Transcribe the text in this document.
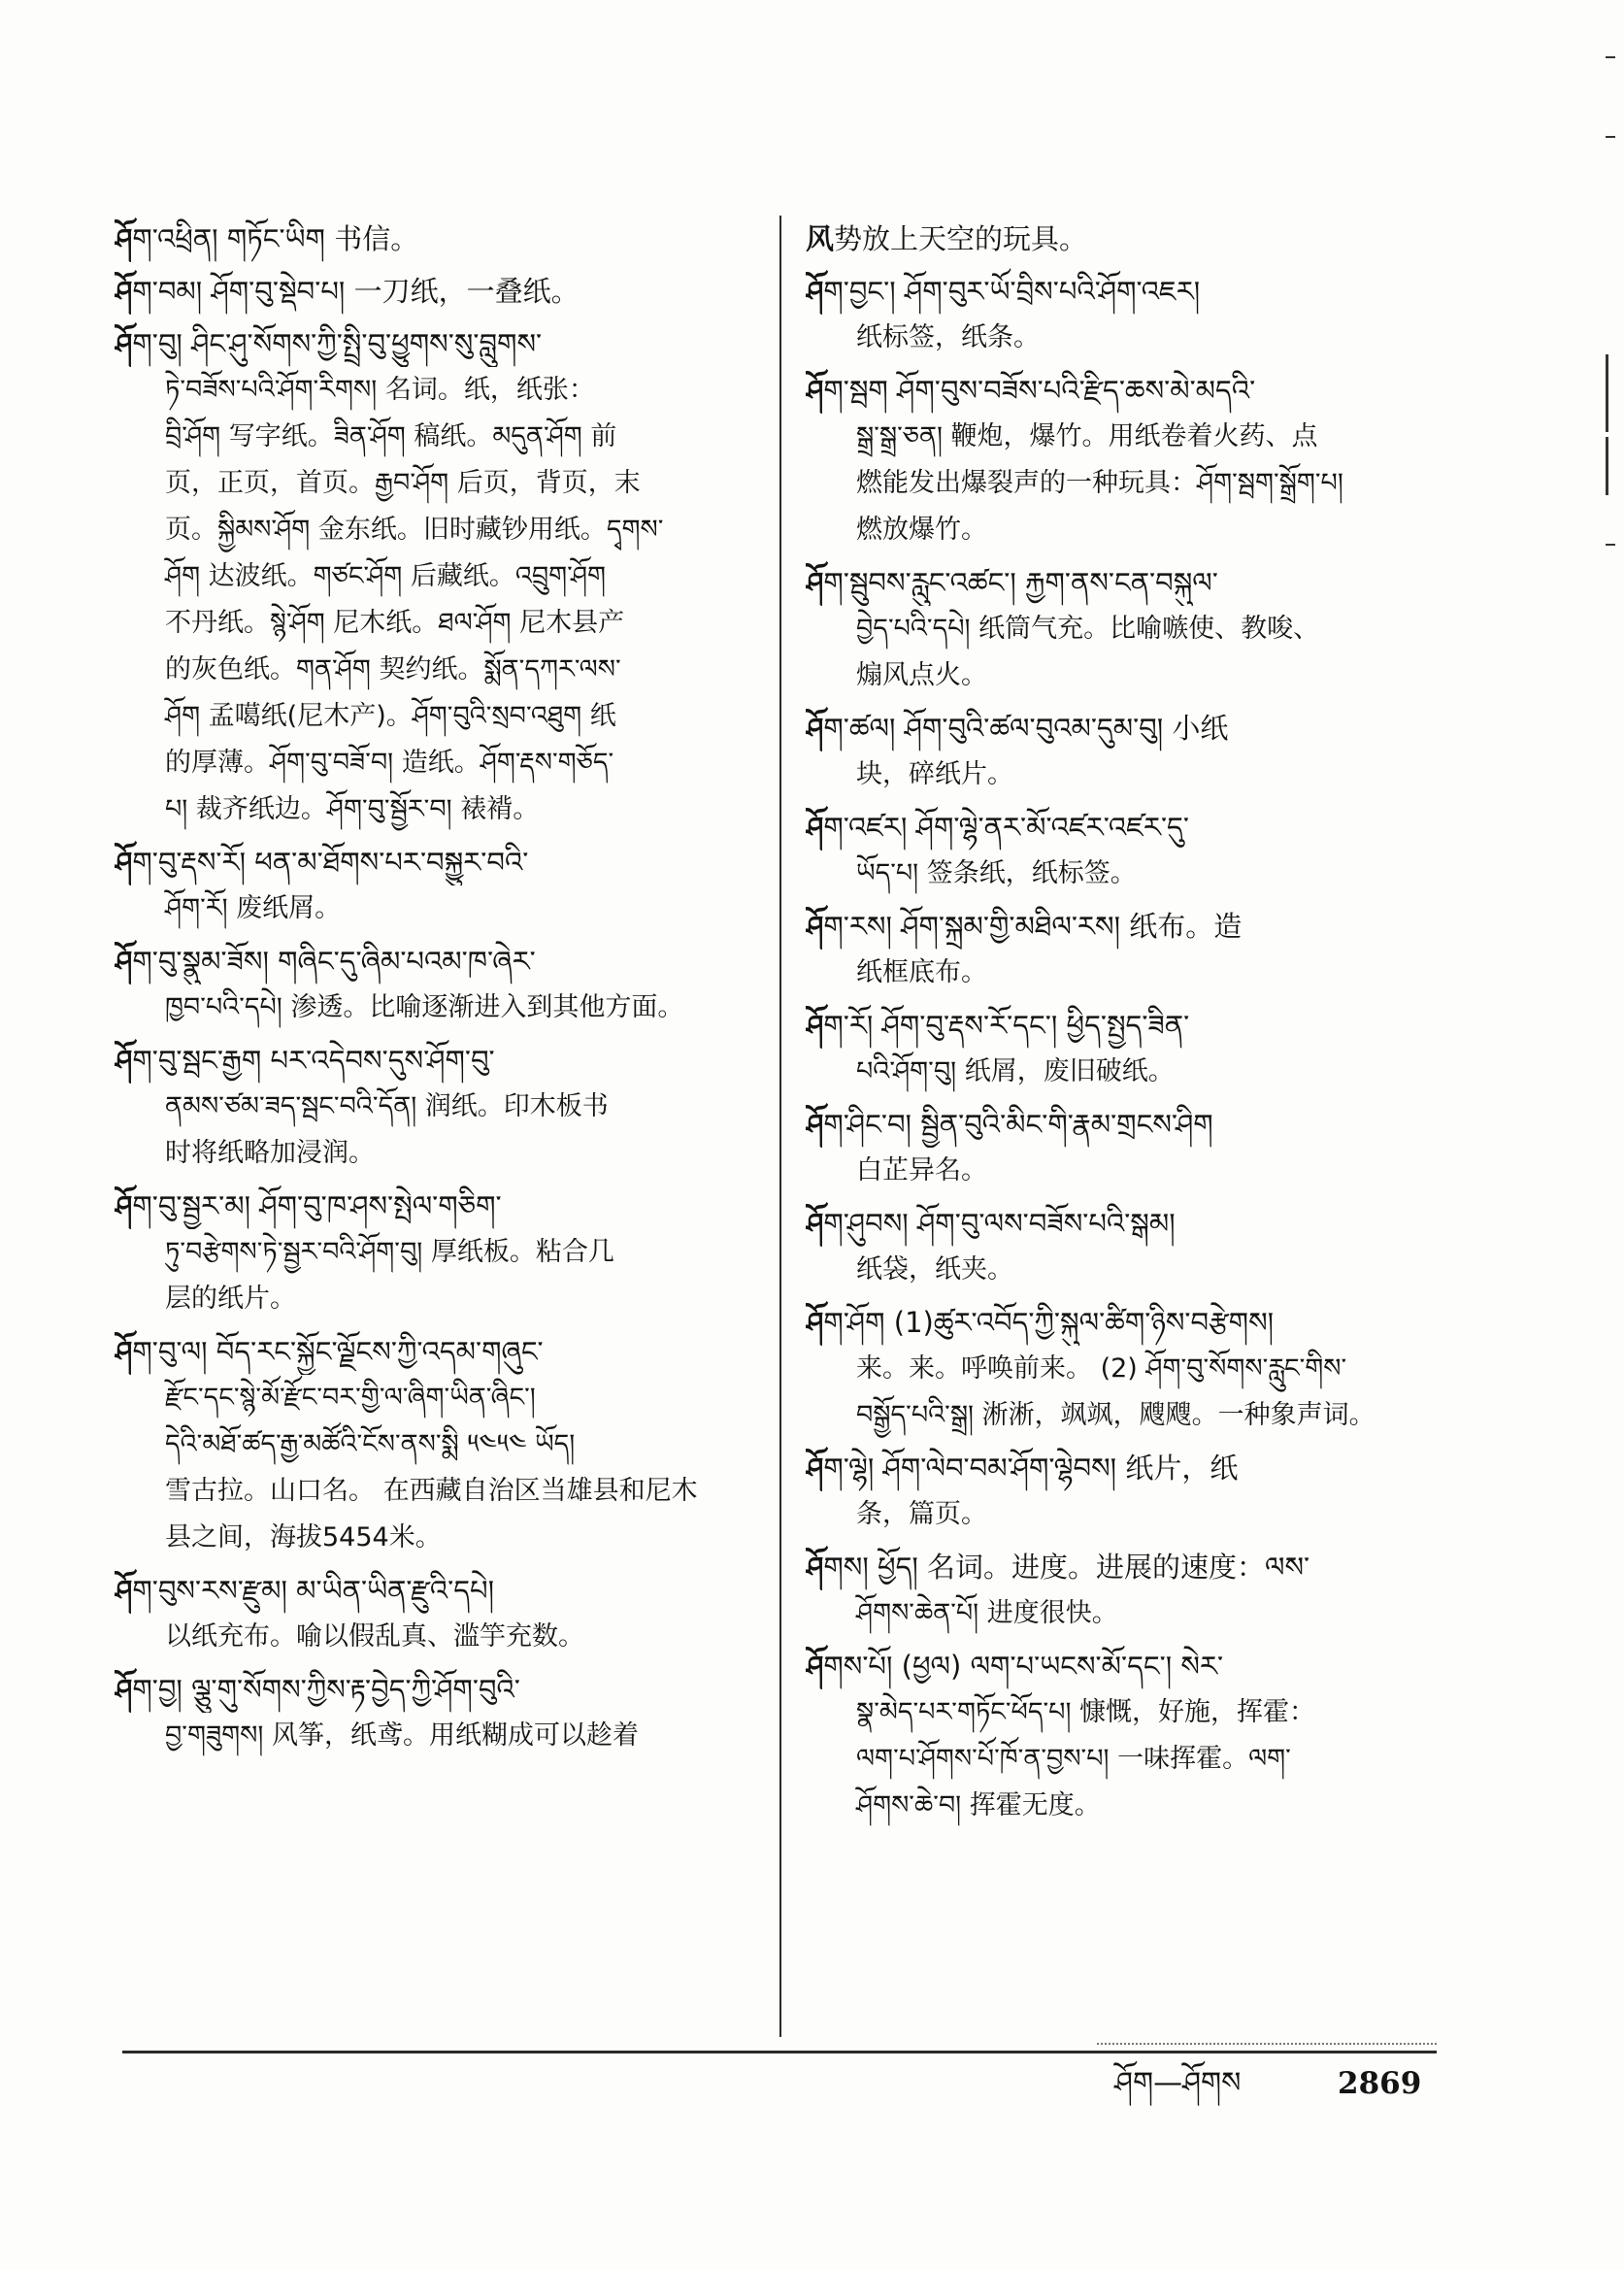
ཤོག་འཕྲིན། གཏོང་ཡིག 书信。
ཤོག་བམ། ཤོག་བུ་སྡེབ་པ། 一刀纸，一叠纸。
ཤོག་བུ། ཤིང་ཤུ་སོགས་ཀྱི་སྤྲི་བུ་ཕྱུགས་སུ་བླུགས་
ཏེ་བཟོས་པའི་ཤོག་རིགས། 名词。纸，纸张：
བྲི་ཤོག 写字纸。ཟིན་ཤོག 稿纸。མདུན་ཤོག 前
页，正页，首页。རྒྱབ་ཤོག 后页，背页，末
页。སྐྱིམས་ཤོག 金东纸。旧时藏钞用纸。དྭགས་
ཤོག 达波纸。གཙང་ཤོག 后藏纸。འབྲུག་ཤོག
不丹纸。སྙེ་ཤོག 尼木纸。ཐལ་ཤོག 尼木县产
的灰色纸。གན་ཤོག 契约纸。སྨོན་དཀར་ལས་
ཤོག 孟噶纸(尼木产)。ཤོག་བུའི་སྲབ་འཐུག 纸
的厚薄。ཤོག་བུ་བཟོ་བ། 造纸。ཤོག་རྡས་གཅོད་
པ། 裁齐纸边。ཤོག་བུ་སྦྱོར་བ། 裱褙。
ཤོག་བུ་རྡས་རོ། ཕན་མ་ཐོགས་པར་བསྐྱུར་བའི་
ཤོག་རོ། 废纸屑。
ཤོག་བུ་སྣུམ་ཟོས། གཞིང་དུ་ཞིམ་པའམ་ཁ་ཞེར་
ཁྱབ་པའི་དཔེ། 渗透。比喻逐渐进入到其他方面。
ཤོག་བུ་སྦང་རྒྱག པར་འདེབས་དུས་ཤོག་བུ་
ནམས་ཙམ་ཟད་སྦང་བའི་དོན། 润纸。印木板书
时将纸略加浸润。
ཤོག་བུ་སྦྱར་མ། ཤོག་བུ་ཁ་ཤས་སྤེལ་གཅིག་
ཏུ་བརྩེགས་ཏེ་སྦྱར་བའི་ཤོག་བུ། 厚纸板。粘合几
层的纸片。
ཤོག་བུ་ལ། བོད་རང་སྐྱོང་ལྗོངས་ཀྱི་འདམ་གཞུང་
རྫོང་དང་སྙེ་མོ་རྫོང་བར་གྱི་ལ་ཞིག་ཡིན་ཞིང་།
དེའི་མཐོ་ཚད་རྒྱ་མཚོའི་ངོས་ནས་སྨི ༥༤༥༤ ཡོད།
雪古拉。山口名。 在西藏自治区当雄县和尼木
县之间，海拔5454米。
ཤོག་བུས་རས་རྫུམ། མ་ཡིན་ཡིན་རྫུའི་དཔེ།
以纸充布。喻以假乱真、滥竽充数。
ཤོག་བྱ། ལྕུ་གུ་སོགས་ཀྱིས་རྟ་བྱེད་ཀྱི་ཤོག་བུའི་
བྱ་གཟུགས། 风筝，纸鸢。用纸糊成可以趁着
风势放上天空的玩具。
ཤོག་བྱང་། ཤོག་བུར་ཡོ་བྲིས་པའི་ཤོག་འཇར།
纸标签，纸条。
ཤོག་སྦག ཤོག་བུས་བཟོས་པའི་རྫིད་ཆས་མེ་མདའི་
སྒྲ་སྒྲ་ཅན། 鞭炮，爆竹。用纸卷着火药、点
燃能发出爆裂声的一种玩具：ཤོག་སྦག་སྒྲོག་པ།
燃放爆竹。
ཤོག་སྦུབས་རླུང་འཚང་། རྐྱག་ནས་ངན་བསྐུལ་
བྱེད་པའི་དཔེ། 纸筒气充。比喻嗾使、教唆、
煽风点火。
ཤོག་ཚལ། ཤོག་བུའི་ཚལ་བུའམ་དུམ་བུ། 小纸
块，碎纸片。
ཤོག་འཛར། ཤོག་ལྷེ་ནར་མོ་འཛར་འཛར་དུ་
ཡོད་པ། 签条纸，纸标签。
ཤོག་རས། ཤོག་སྐྲམ་གྱི་མཐིལ་རས། 纸布。造
纸框底布。
ཤོག་རོ། ཤོག་བུ་རྡས་རོ་དང་། ཕྱིད་སྤྱད་ཟིན་
པའི་ཤོག་བུ། 纸屑，废旧破纸。
ཤོག་ཤིང་བ། སྦྱིན་བུའི་མིང་གི་རྣམ་གྲངས་ཤིག
白芷异名。
ཤོག་ཤུབས། ཤོག་བུ་ལས་བཟོས་པའི་སྒམ།
纸袋，纸夹。
ཤོག་ཤོག (1)ཚུར་འབོད་ཀྱི་སྐུལ་ཚིག་ཉིས་བརྩེགས།
来。来。呼唤前来。 (2) ཤོག་བུ་སོགས་རླུང་གིས་
བསྒྱོད་པའི་སྒྲ། 淅淅，飒飒，飕飕。一种象声词。
ཤོག་ལྷེ། ཤོག་ལེབ་བམ་ཤོག་ལྷེབས། 纸片，纸
条，篇页。
ཤོགས། ཕྱོད། 名词。进度。进展的速度：ལས་
ཤོགས་ཆེན་པོ། 进度很快。
ཤོགས་པོ། (ཕྱལ) ལག་པ་ཡངས་མོ་དང་། སེར་
སྣ་མེད་པར་གཏོང་ཕོད་པ། 慷慨，好施，挥霍：
ལག་པ་ཤོགས་པོ་ཁོ་ན་བྱས་པ། 一味挥霍。ལག་
ཤོགས་ཆེ་བ། 挥霍无度。
ཤོག—ཤོགས	2869
